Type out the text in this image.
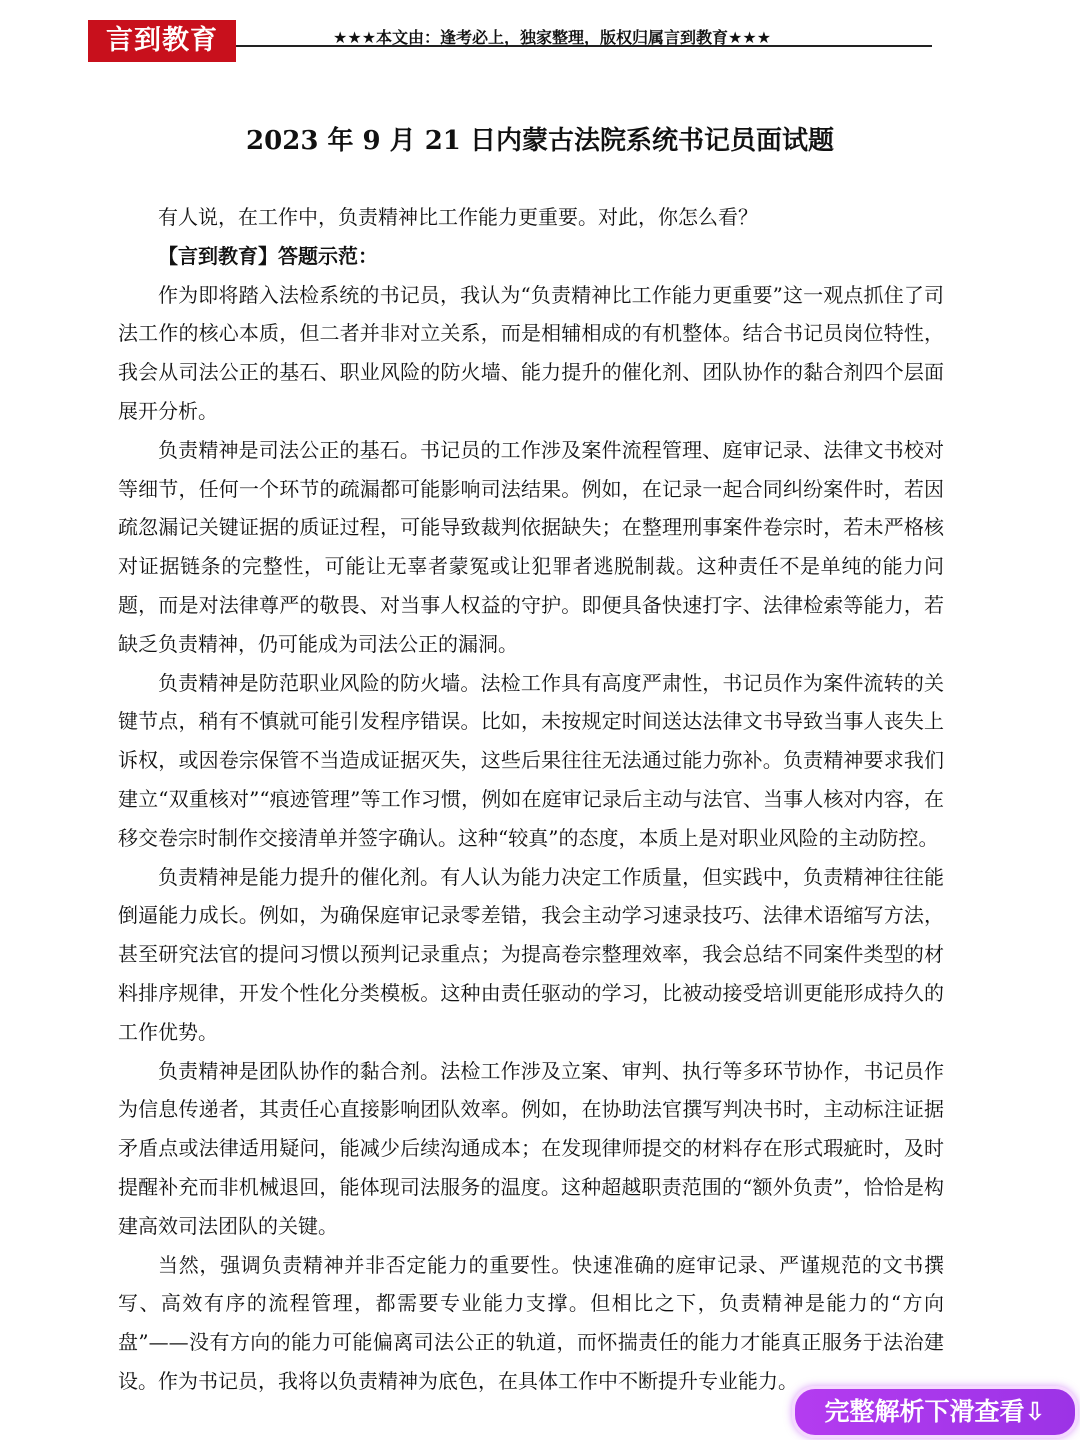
言到教育	★★★本文由：逢考必上，独家整理，版权归属言到教育★★★
2023 年 9 月 21 日内蒙古法院系统书记员面试题

有人说，在工作中，负责精神比工作能力更重要。对此，你怎么看？

【言到教育】答题示范：

作为即将踏入法检系统的书记员，我认为“负责精神比工作能力更重要”这一观点抓住了司法工作的核心本质，但二者并非对立关系，而是相辅相成的有机整体。结合书记员岗位特性，我会从司法公正的基石、职业风险的防火墙、能力提升的催化剂、团队协作的黏合剂四个层面展开分析。

负责精神是司法公正的基石。书记员的工作涉及案件流程管理、庭审记录、法律文书校对等细节，任何一个环节的疏漏都可能影响司法结果。例如，在记录一起合同纠纷案件时，若因疏忽漏记关键证据的质证过程，可能导致裁判依据缺失；在整理刑事案件卷宗时，若未严格核对证据链条的完整性，可能让无辜者蒙冤或让犯罪者逃脱制裁。这种责任不是单纯的能力问题，而是对法律尊严的敬畏、对当事人权益的守护。即便具备快速打字、法律检索等能力，若缺乏负责精神，仍可能成为司法公正的漏洞。

负责精神是防范职业风险的防火墙。法检工作具有高度严肃性，书记员作为案件流转的关键节点，稍有不慎就可能引发程序错误。比如，未按规定时间送达法律文书导致当事人丧失上诉权，或因卷宗保管不当造成证据灭失，这些后果往往无法通过能力弥补。负责精神要求我们建立“双重核对”“痕迹管理”等工作习惯，例如在庭审记录后主动与法官、当事人核对内容，在移交卷宗时制作交接清单并签字确认。这种“较真”的态度，本质上是对职业风险的主动防控。

负责精神是能力提升的催化剂。有人认为能力决定工作质量，但实践中，负责精神往往能倒逼能力成长。例如，为确保庭审记录零差错，我会主动学习速录技巧、法律术语缩写方法，甚至研究法官的提问习惯以预判记录重点；为提高卷宗整理效率，我会总结不同案件类型的材料排序规律，开发个性化分类模板。这种由责任驱动的学习，比被动接受培训更能形成持久的工作优势。

负责精神是团队协作的黏合剂。法检工作涉及立案、审判、执行等多环节协作，书记员作为信息传递者，其责任心直接影响团队效率。例如，在协助法官撰写判决书时，主动标注证据矛盾点或法律适用疑问，能减少后续沟通成本；在发现律师提交的材料存在形式瑕疵时，及时提醒补充而非机械退回，能体现司法服务的温度。这种超越职责范围的“额外负责”，恰恰是构建高效司法团队的关键。

当然，强调负责精神并非否定能力的重要性。快速准确的庭审记录、严谨规范的文书撰写、高效有序的流程管理，都需要专业能力支撑。但相比之下，负责精神是能力的“方向盘”——没有方向的能力可能偏离司法公正的轨道，而怀揣责任的能力才能真正服务于法治建设。作为书记员，我将以负责精神为底色，在具体工作中不断提升专业能力。

完整解析下滑查看⇩
